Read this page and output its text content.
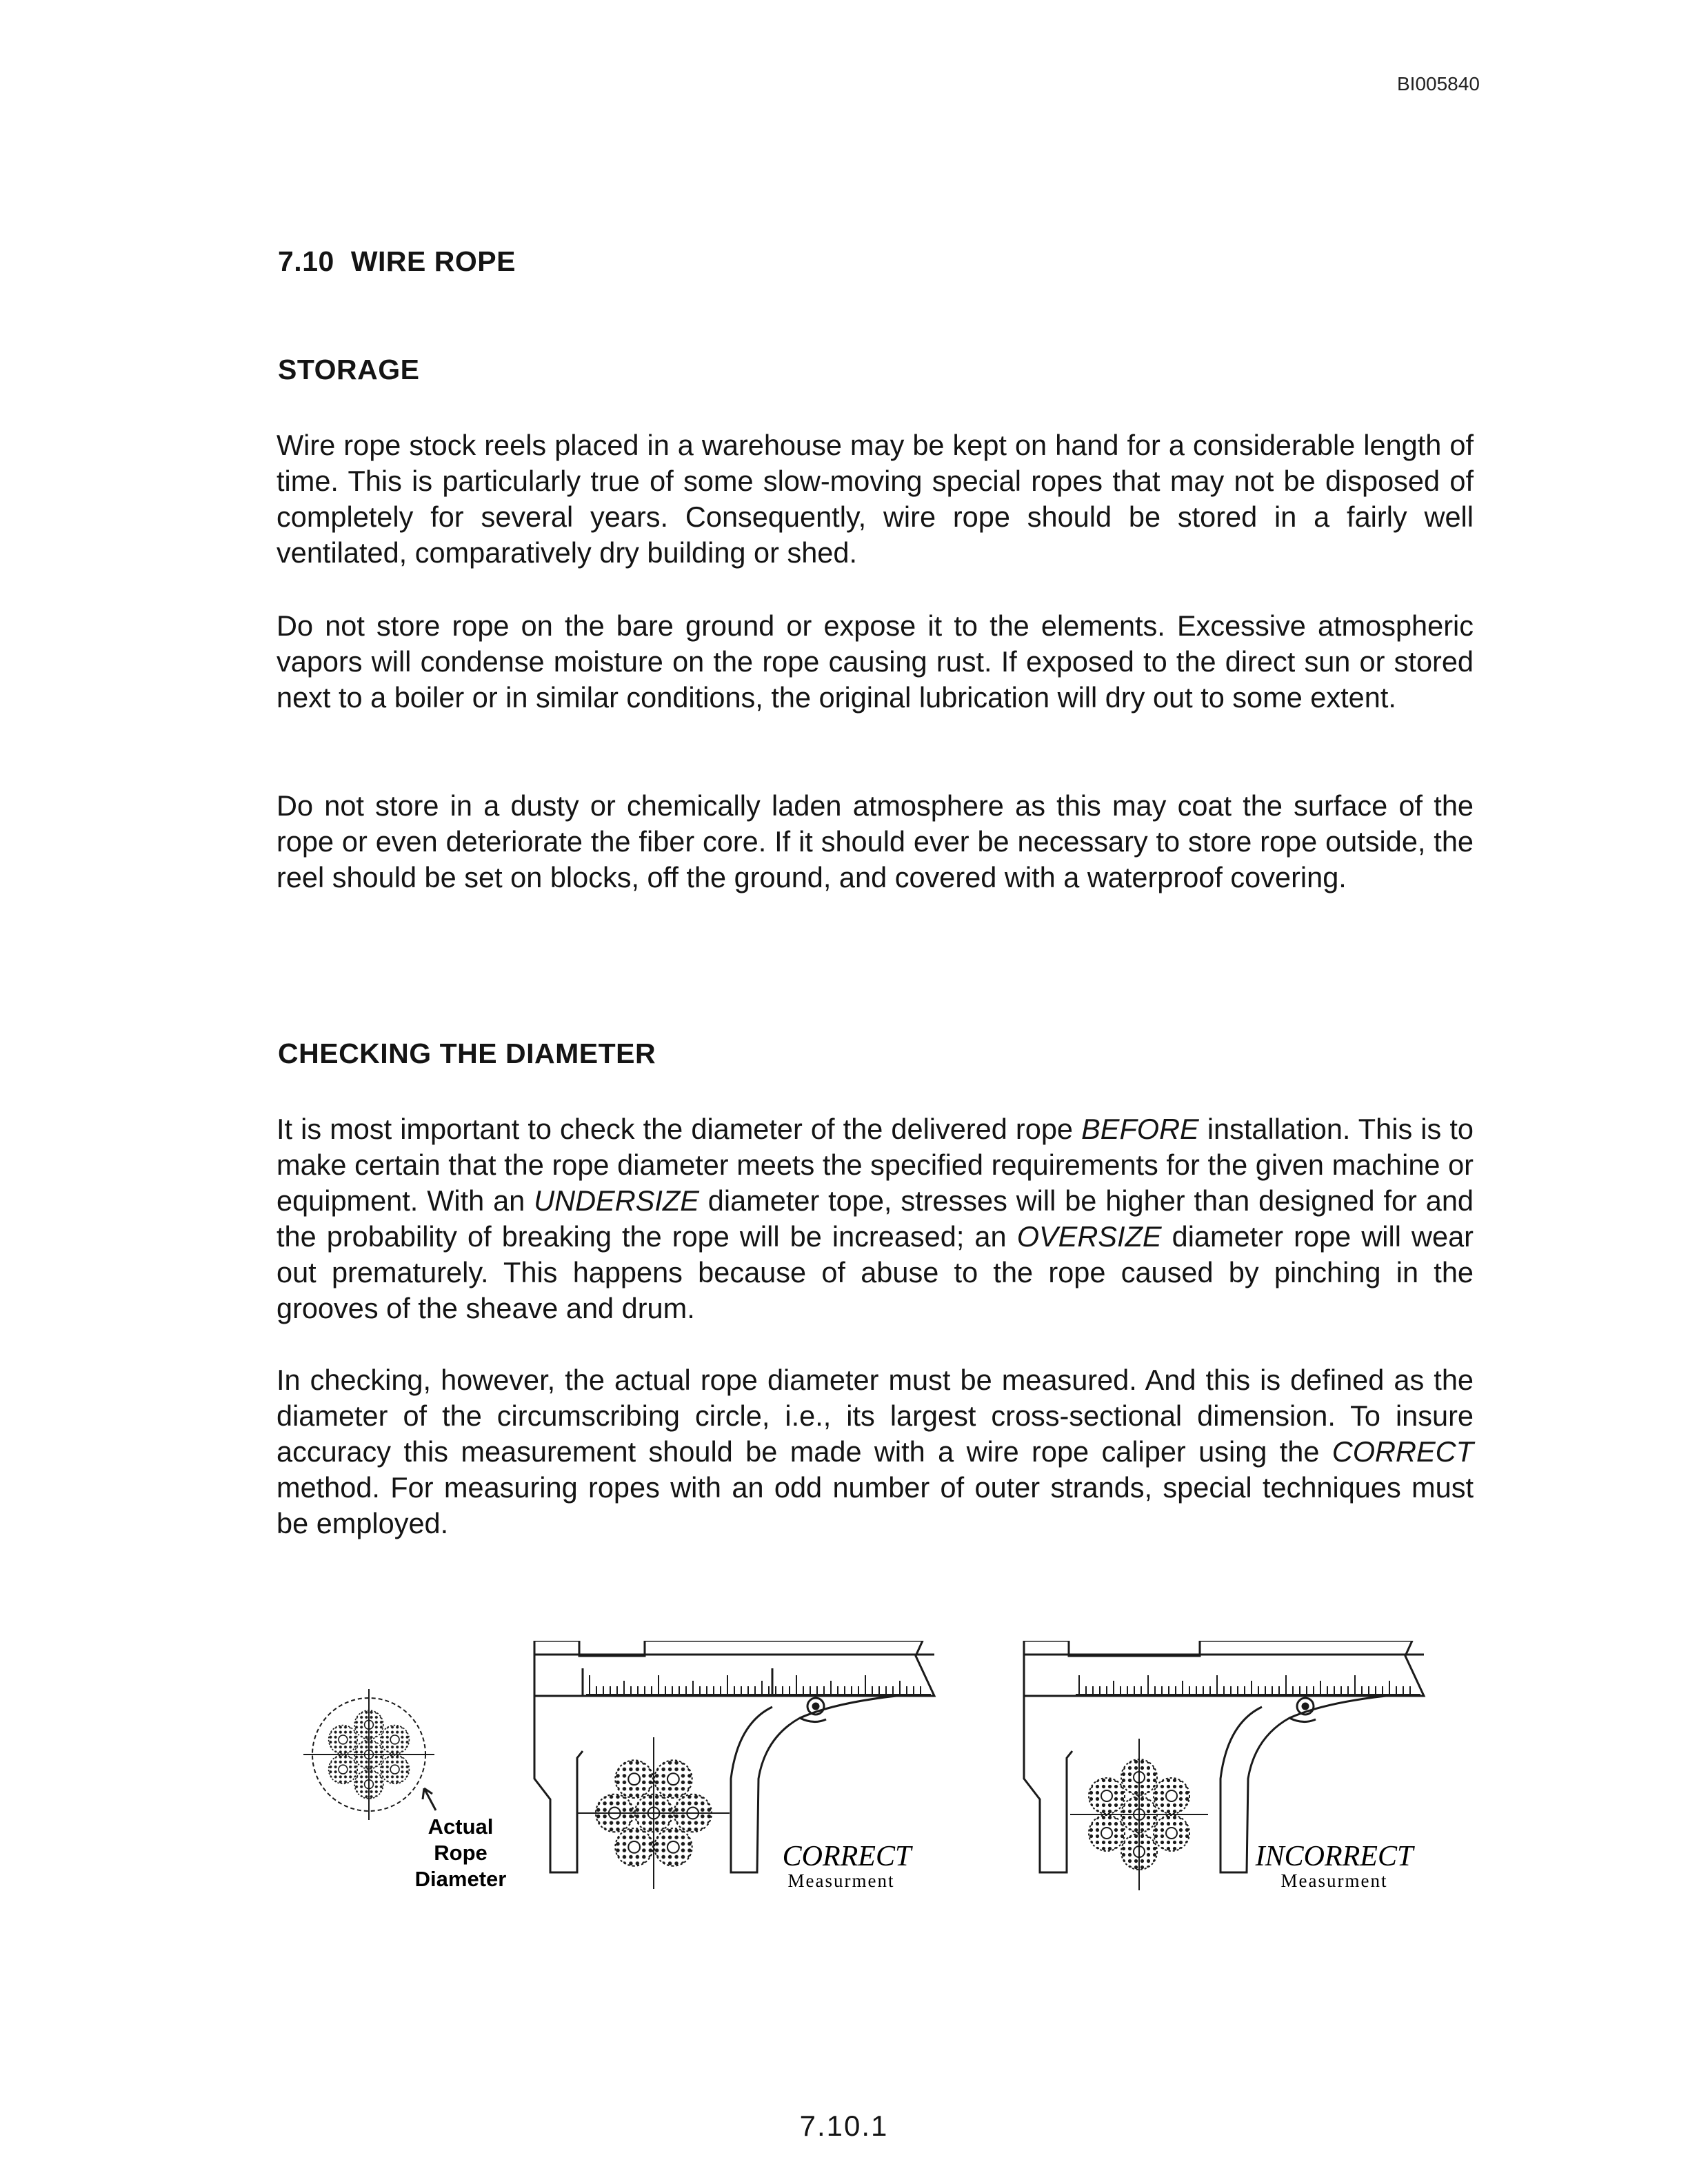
BI005840
7.10 WIRE ROPE
STORAGE

Wire rope stock reels placed in a warehouse may be kept on hand for a considerable length of time. This is particularly true of some slow-moving special ropes that may not be disposed of completely for several years. Consequently, wire rope should be stored in a fairly well ventilated, comparatively dry building or shed.

Do not store rope on the bare ground or expose it to the elements. Excessive atmospheric vapors will condense moisture on the rope causing rust. If exposed to the direct sun or stored next to a boiler or in similar conditions, the original lubrication will dry out to some extent.

Do not store in a dusty or chemically laden atmosphere as this may coat the surface of the rope or even deteriorate the fiber core. If it should ever be necessary to store rope outside, the reel should be set on blocks, off the ground, and covered with a waterproof covering.

CHECKING THE DIAMETER

It is most important to check the diameter of the delivered rope BEFORE installation. This is to make certain that the rope diameter meets the specified requirements for the given machine or equipment. With an UNDERSIZE diameter tope, stresses will be higher than designed for and the probability of breaking the rope will be increased; an OVERSIZE diameter rope will wear out prematurely. This happens because of abuse to the rope caused by pinching in the grooves of the sheave and drum.

In checking, however, the actual rope diameter must be measured. And this is defined as the diameter of the circumscribing circle, i.e., its largest cross-sectional dimension. To insure accuracy this measurement should be made with a wire rope caliper using the CORRECT method. For measuring ropes with an odd number of outer strands, special techniques must be employed.

Actual
Rope
Diameter
CORRECT
Measurment
INCORRECT
Measurment
7.10.1
